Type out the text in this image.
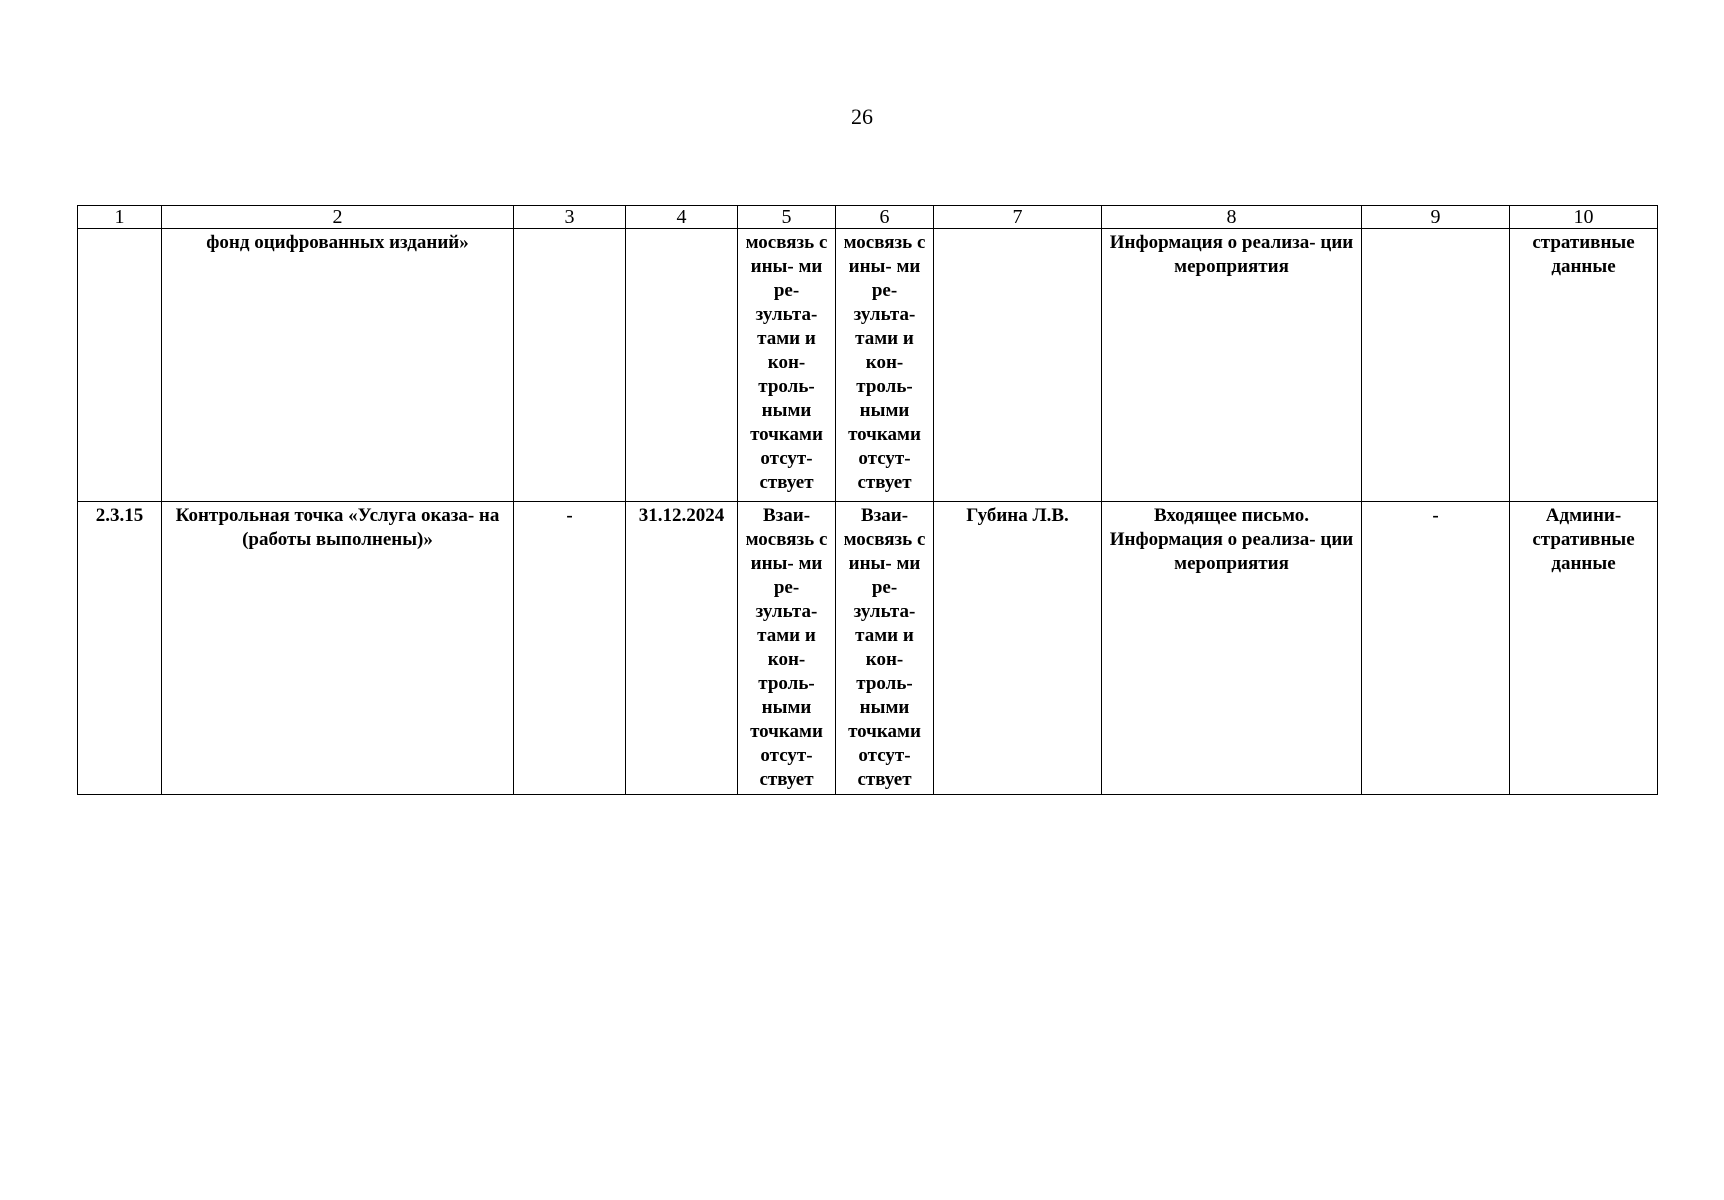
26
1	2	3	4	5	6	7	8	9	10
	фонд оцифрованных изданий»			мосвязь с ины- ми ре- зульта- тами и кон- троль- ными точками отсут- ствует	мосвязь с ины- ми ре- зульта- тами и кон- троль- ными точками отсут- ствует		Информация о реализа- ции мероприятия		стративные данные
2.3.15	Контрольная точка «Услуга оказа- на (работы выполнены)»	-	31.12.2024	Взаи- мосвязь с ины- ми ре- зульта- тами и кон- троль- ными точками отсут- ствует	Взаи- мосвязь с ины- ми ре- зульта- тами и кон- троль- ными точками отсут- ствует	Губина Л.В.	Входящее письмо. Информация о реализа- ции мероприятия	-	Админи- стративные данные
